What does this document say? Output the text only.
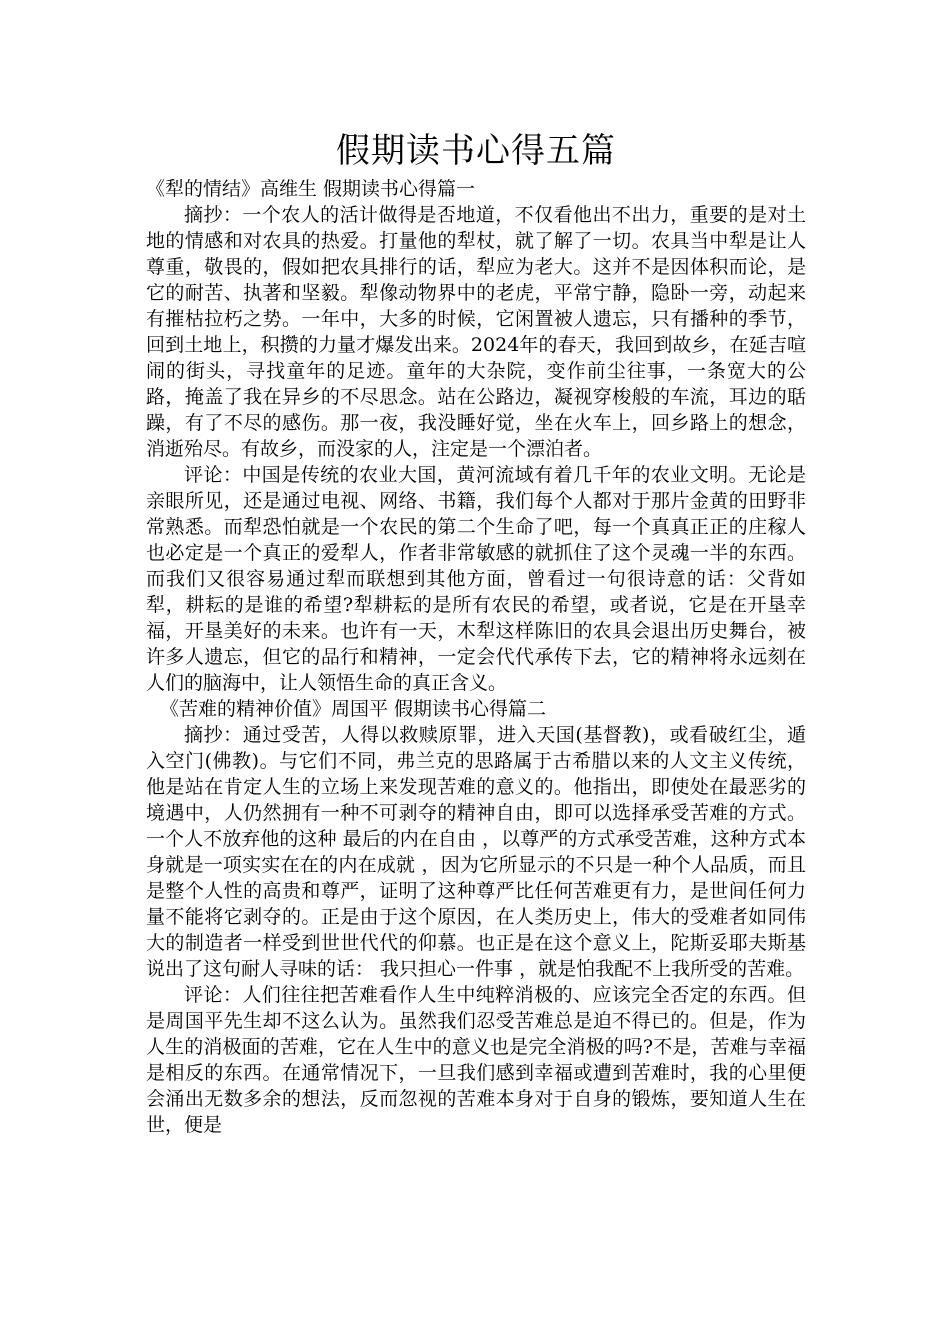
假期读书心得五篇

《犁的情结》高维生 假期读书心得篇一

摘抄：一个农人的活计做得是否地道，不仅看他出不出力，重要的是对土地的情感和对农具的热爱。打量他的犁杖，就了解了一切。农具当中犁是让人尊重，敬畏的，假如把农具排行的话，犁应为老大。这并不是因体积而论，是它的耐苦、执著和坚毅。犁像动物界中的老虎，平常宁静，隐卧一旁，动起来有摧枯拉朽之势。一年中，大多的时候，它闲置被人遗忘，只有播种的季节，回到土地上，积攒的力量才爆发出来。2024年的春天，我回到故乡，在延吉喧闹的街头，寻找童年的足迹。童年的大杂院，变作前尘往事，一条宽大的公路，掩盖了我在异乡的不尽思念。站在公路边，凝视穿梭般的车流，耳边的聒躁，有了不尽的感伤。那一夜，我没睡好觉，坐在火车上，回乡路上的想念，消逝殆尽。有故乡，而没家的人，注定是一个漂泊者。

评论：中国是传统的农业大国，黄河流域有着几千年的农业文明。无论是亲眼所见，还是通过电视、网络、书籍，我们每个人都对于那片金黄的田野非常熟悉。而犁恐怕就是一个农民的第二个生命了吧，每一个真真正正的庄稼人也必定是一个真正的爱犁人，作者非常敏感的就抓住了这个灵魂一半的东西。而我们又很容易通过犁而联想到其他方面，曾看过一句很诗意的话：父背如犁，耕耘的是谁的希望?犁耕耘的是所有农民的希望，或者说，它是在开垦幸福，开垦美好的未来。也许有一天，木犁这样陈旧的农具会退出历史舞台，被许多人遗忘，但它的品行和精神，一定会代代承传下去，它的精神将永远刻在人们的脑海中，让人领悟生命的真正含义。

《苦难的精神价值》周国平 假期读书心得篇二

摘抄：通过受苦，人得以救赎原罪，进入天国(基督教)，或看破红尘，遁入空门(佛教)。与它们不同，弗兰克的思路属于古希腊以来的人文主义传统，他是站在肯定人生的立场上来发现苦难的意义的。他指出，即使处在最恶劣的境遇中，人仍然拥有一种不可剥夺的精神自由，即可以选择承受苦难的方式。一个人不放弃他的这种 最后的内在自由 ，以尊严的方式承受苦难，这种方式本身就是一项实实在在的内在成就 ，因为它所显示的不只是一种个人品质，而且是整个人性的高贵和尊严，证明了这种尊严比任何苦难更有力，是世间任何力量不能将它剥夺的。正是由于这个原因，在人类历史上，伟大的受难者如同伟大的制造者一样受到世世代代的仰慕。也正是在这个意义上，陀斯妥耶夫斯基说出了这句耐人寻味的话： 我只担心一件事 ，就是怕我配不上我所受的苦难。

评论：人们往往把苦难看作人生中纯粹消极的、应该完全否定的东西。但是周国平先生却不这么认为。虽然我们忍受苦难总是迫不得已的。但是，作为人生的消极面的苦难，它在人生中的意义也是完全消极的吗?不是，苦难与幸福是相反的东西。在通常情况下，一旦我们感到幸福或遭到苦难时，我的心里便会涌出无数多余的想法，反而忽视的苦难本身对于自身的锻炼，要知道人生在世，便是
